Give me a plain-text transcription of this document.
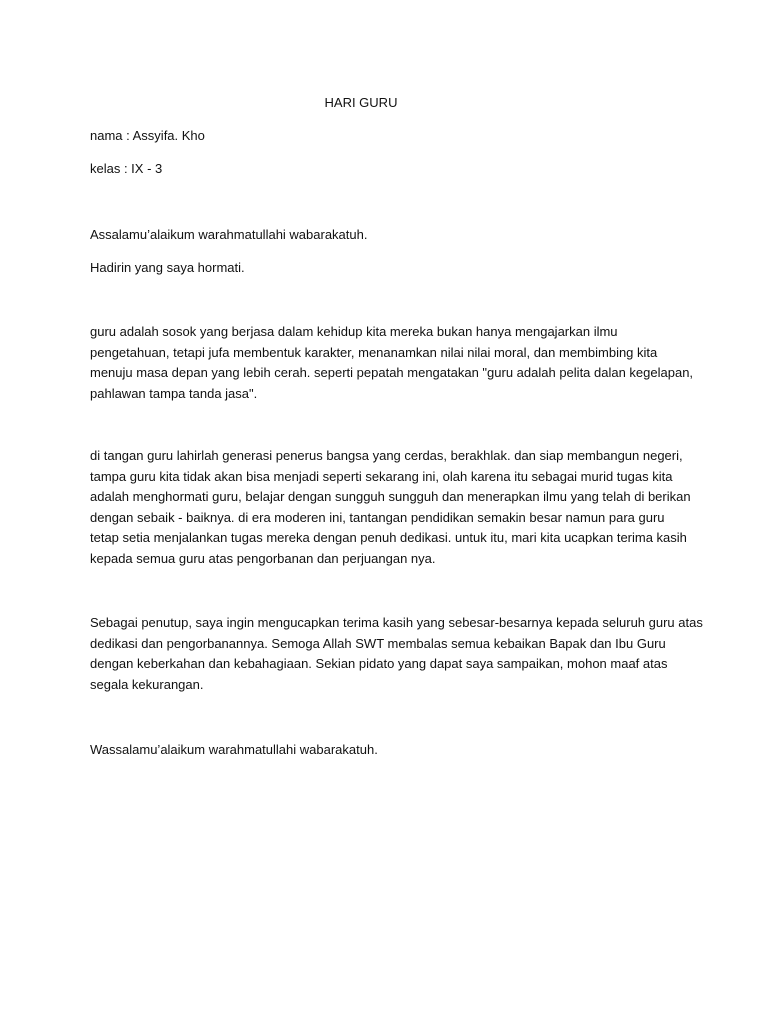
HARI GURU
nama : Assyifa. Kho
kelas : IX - 3
Assalamu’alaikum warahmatullahi wabarakatuh.
Hadirin yang saya hormati.
guru adalah sosok yang berjasa dalam kehidup kita mereka bukan hanya mengajarkan ilmu
pengetahuan, tetapi jufa membentuk karakter, menanamkan nilai nilai moral, dan membimbing kita
menuju masa depan yang lebih cerah. seperti pepatah mengatakan "guru adalah pelita dalan kegelapan,
pahlawan tampa tanda jasa".
di tangan guru lahirlah generasi penerus bangsa yang cerdas, berakhlak. dan siap membangun negeri,
tampa guru kita tidak akan bisa menjadi seperti sekarang ini, olah karena itu sebagai murid tugas kita
adalah menghormati guru, belajar dengan sungguh sungguh dan menerapkan ilmu yang telah di berikan
dengan sebaik - baiknya. di era moderen ini, tantangan pendidikan semakin besar namun para guru
tetap setia menjalankan tugas mereka dengan penuh dedikasi. untuk itu, mari kita ucapkan terima kasih
kepada semua guru atas pengorbanan dan perjuangan nya.
Sebagai penutup, saya ingin mengucapkan terima kasih yang sebesar-besarnya kepada seluruh guru atas
dedikasi dan pengorbanannya. Semoga Allah SWT membalas semua kebaikan Bapak dan Ibu Guru
dengan keberkahan dan kebahagiaan. Sekian pidato yang dapat saya sampaikan, mohon maaf atas
segala kekurangan.
Wassalamu’alaikum warahmatullahi wabarakatuh.
